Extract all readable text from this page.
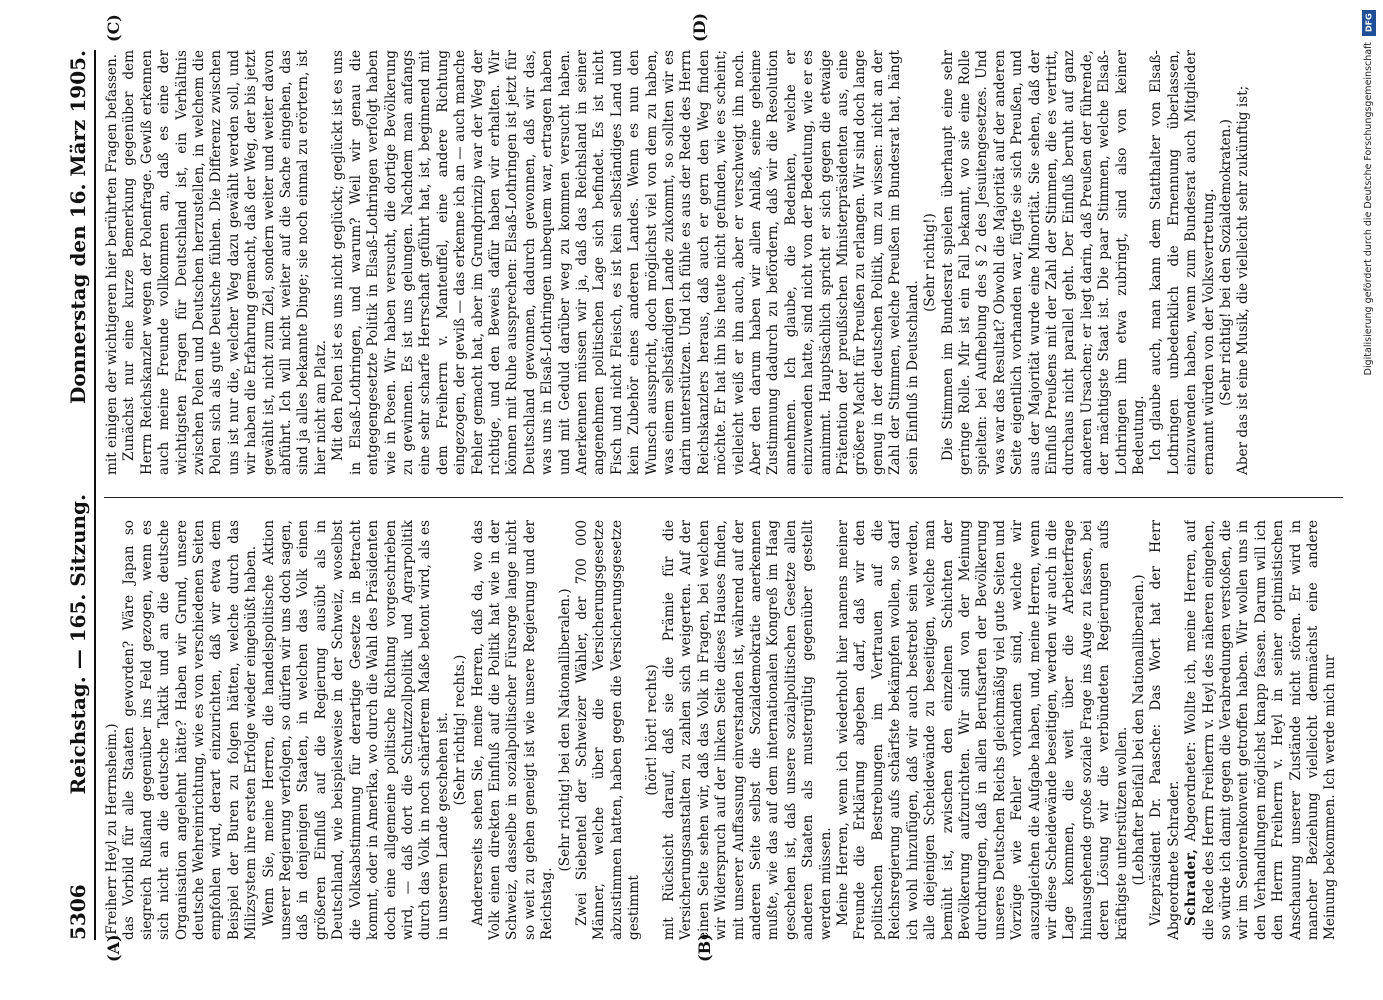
5306
Reichstag. — 165. Sitzung.
Donnerstag den 16. März 1905.
(A)	(B)
(C)	(D)

(Freiherr Heyl zu Herrnsheim.) das Vorbild für alle Staaten geworden? Wäre Japan so siegreich Rußland gegenüber ins Feld gezogen, wenn es sich nicht an die deutsche Taktik und an die deutsche Organisation angelehnt hätte? Haben wir Grund, unsere deutsche Wehreinrichtung, wie es von verschiedenen Seiten empfohlen wird, derart einzurichten, daß wir etwa dem Beispiel der Buren zu folgen hätten, welche durch das Milizsystem ihre ersten Erfolge wieder eingebüßt haben. Wenn Sie, meine Herren, die handelspolitische Aktion unserer Regierung verfolgen, so dürfen wir uns doch sagen, daß in denjenigen Staaten, in welchen das Volk einen größeren Einfluß auf die Regierung ausübt als in Deutschland, wie beispielsweise in der Schweiz, woselbst die Volksabstimmung für derartige Gesetze in Betracht kommt, oder in Amerika, wo durch die Wahl des Präsidenten doch eine allgemeine politische Richtung vorgeschrieben wird, — daß dort die Schutzzollpolitik und Agrarpolitik durch das Volk in noch schärferem Maße betont wird, als es in unserem Lande geschehen ist. (Sehr richtig! rechts.) Andererseits sehen Sie, meine Herren, daß da, wo das Volk einen direkten Einfluß auf die Politik hat wie in der Schweiz, dasselbe in sozialpolitischer Fürsorge lange nicht so weit zu gehen geneigt ist wie unsere Regierung und der Reichstag.

(Sehr richtig! bei den Nationalliberalen.) Zwei Siebentel der Schweizer Wähler, der 700 000 Männer, welche über die Versicherungsgesetze abzustimmen hatten, haben gegen die Versicherungsgesetze gestimmt

(hört! hört! rechts) mit Rücksicht darauf, daß sie die Prämie für die Versicherungsanstalten zu zahlen sich weigerten. Auf der einen Seite sehen wir, daß das Volk in Fragen, bei welchen wir Widerspruch auf der linken Seite dieses Hauses finden, mit unserer Auffassung einverstanden ist, während auf der anderen Seite selbst die Sozialdemokratie anerkennen mußte, wie das auf dem internationalen Kongreß im Haag geschehen ist, daß unsere sozialpolitischen Gesetze allen anderen Staaten als mustergültig gegenüber gestellt werden müssen. Meine Herren, wenn ich wiederholt hier namens meiner Freunde die Erklärung abgeben darf, daß wir den politischen Bestrebungen im Vertrauen auf die Reichsregierung aufs schärfste bekämpfen wollen, so darf ich wohl hinzufügen, daß wir auch bestrebt sein werden, alle diejenigen Scheidewände zu beseitigen, welche man bemüht ist, zwischen den einzelnen Schichten der Bevölkerung aufzurichten. Wir sind von der Meinung durchdrungen, daß in allen Berufsarten der Bevölkerung unseres Deutschen Reichs gleichmäßig viel gute Seiten und Vorzüge wie Fehler vorhanden sind, welche wir auszugleichen die Aufgabe haben, und, meine Herren, wenn wir diese Scheidewände beseitigen, werden wir auch in die Lage kommen, die weit über die Arbeiterfrage hinausgehende große soziale Frage ins Auge zu fassen, bei deren Lösung wir die verbündeten Regierungen aufs kräftigste unterstützen wollen. (Lebhafter Beifall bei den Nationalliberalen.) Vizepräsident Dr. Paasche: Das Wort hat der Herr Abgeordnete Schrader. Schrader, Abgeordneter: Wollte ich, meine Herren, auf die Rede des Herrn Freiherrn v. Heyl des näheren eingehen, so würde ich damit gegen die Verabredungen verstoßen, die wir im Seniorenkonvent getroffen haben. Wir wollen uns in den Verhandlungen möglichst knapp fassen. Darum will ich den Herrn Freiherrn v. Heyl in seiner optimistischen Anschauung unserer Zustände nicht stören. Er wird in mancher Beziehung vielleicht demnächst eine andere Meinung bekommen. Ich werde mich nur

mit einigen der wichtigeren hier berührten Fragen befassen. Zunächst nur eine kurze Bemerkung gegenüber dem Herrn Reichskanzler wegen der Polenfrage. Gewiß erkennen auch meine Freunde vollkommen an, daß es eine der wichtigsten Fragen für Deutschland ist, ein Verhältnis zwischen Polen und Deutschen herzustellen, in welchem die Polen sich als gute Deutsche fühlen. Die Differenz zwischen uns ist nur die, welcher Weg dazu gewählt werden soll, und wir haben die Erfahrung gemacht, daß der Weg, der bis jetzt gewählt ist, nicht zum Ziel, sondern weiter und weiter davon abführt. Ich will nicht weiter auf die Sache eingehen, das sind ja alles bekannte Dinge; sie noch einmal zu erörtern, ist hier nicht am Platz. Mit den Polen ist es uns nicht geglückt; geglückt ist es uns in Elsaß-Lothringen, und warum? Weil wir genau die entgegengesetzte Politik in Elsaß-Lothringen verfolgt haben wie in Posen. Wir haben versucht, die dortige Bevölkerung zu gewinnen. Es ist uns gelungen. Nachdem man anfangs eine sehr scharfe Herrschaft geführt hat, ist, beginnend mit dem Freiherrn v. Manteuffel, eine andere Richtung eingezogen, der gewiß — das erkenne ich an — auch manche Fehler gemacht hat, aber im Grundprinzip war der Weg der richtige, und den Beweis dafür haben wir erhalten. Wir können mit Ruhe aussprechen: Elsaß-Lothringen ist jetzt für Deutschland gewonnen, dadurch gewonnen, daß wir das, was uns in Elsaß-Lothringen unbequem war, ertragen haben und mit Geduld darüber weg zu kommen versucht haben. Anerkennen müssen wir ja, daß das Reichsland in seiner angenehmen politischen Lage sich befindet. Es ist nicht Fisch und nicht Fleisch, es ist kein selbständiges Land und kein Zubehör eines anderen Landes. Wenn es nun den Wunsch ausspricht, doch möglichst viel von dem zu haben, was einem selbständigen Lande zukommt, so sollten wir es darin unterstützen. Und ich fühle es aus der Rede des Herrn Reichskanzlers heraus, daß auch er gern den Weg finden möchte. Er hat ihn bis heute nicht gefunden, wie es scheint; vielleicht weiß er ihn auch, aber er verschweigt ihn noch. Aber den darum haben wir allen Anlaß, seine geheime Zustimmung dadurch zu befördern, daß wir die Resolution annehmen. Ich glaube, die Bedenken, welche er einzuwenden hatte, sind nicht von der Bedeutung, wie er es annimmt. Hauptsächlich spricht er sich gegen die etwaige Prätention der preußischen Ministerpräsidenten aus, eine größere Macht für Preußen zu erlangen. Wir sind doch lange genug in der deutschen Politik, um zu wissen: nicht an der Zahl der Stimmen, welche Preußen im Bundesrat hat, hängt sein Einfluß in Deutschland.

(Sehr richtig!) Die Stimmen im Bundesrat spielen überhaupt eine sehr geringe Rolle. Mir ist ein Fall bekannt, wo sie eine Rolle spielten: bei Aufhebung des § 2 des Jesuitengesetzes. Und was war das Resultat? Obwohl die Majorität auf der anderen Seite eigentlich vorhanden war, fügte sie sich Preußen, und aus der Majorität wurde eine Minorität. Sie sehen, daß der Einfluß Preußens mit der Zahl der Stimmen, die es vertritt, durchaus nicht parallel geht. Der Einfluß beruht auf ganz anderen Ursachen; er liegt darin, daß Preußen der führende, der mächtigste Staat ist. Die paar Stimmen, welche Elsaß-Lothringen ihm etwa zubringt, sind also von keiner Bedeutung. Ich glaube auch, man kann dem Statthalter von Elsaß-Lothringen unbedenklich die Ernennung überlassen, einzuwenden haben, wenn zum Bundesrat auch Mitglieder ernannt würden von der Volksvertretung. (Sehr richtig! bei den Sozialdemokraten.) Aber das ist eine Musik, die vielleicht sehr zukünftig ist;

DFG
Digitalisierung gefördert durch die Deutsche Forschungsgemeinschaft
